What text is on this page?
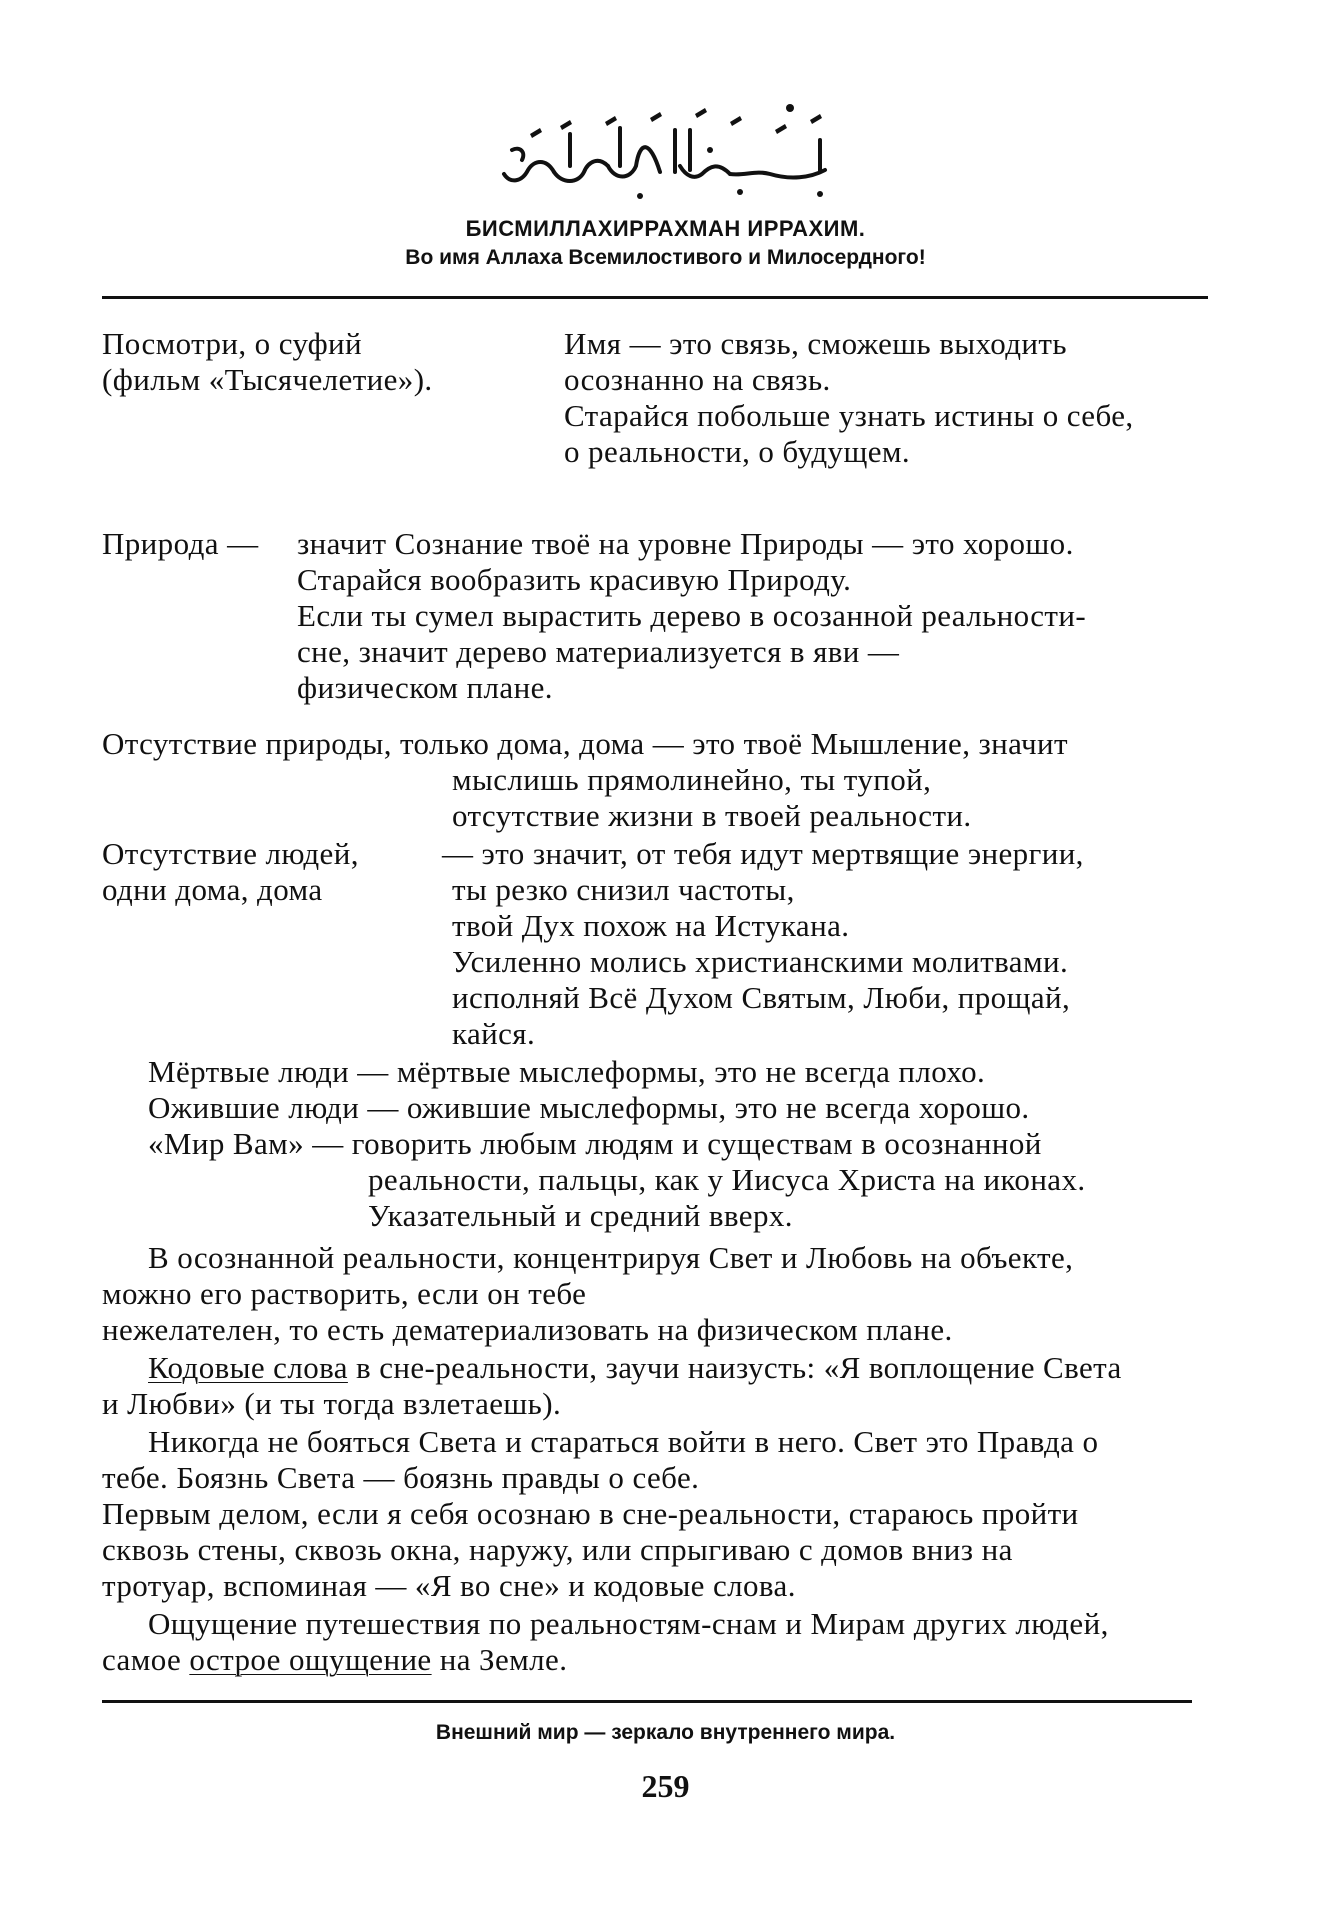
БИСМИЛЛАХИРРАХМАН ИРРАХИМ.
Во имя Аллаха Всемилостивого и Милосердного!
Посмотри, о суфий
(фильм «Тысячелетие»).
Имя — это связь, сможешь выходить
осознанно на связь.
Старайся побольше узнать истины о себе,
о реальности, о будущем.
Природа — значит Сознание твоё на уровне Природы — это хорошо.
Старайся вообразить красивую Природу.
Если ты сумел вырастить дерево в осозанной реальности-
сне, значит дерево материализуется в яви —
физическом плане.
Отсутствие природы, только дома, дома — это твоё Мышление, значит
мыслишь прямолинейно, ты тупой,
отсутствие жизни в твоей реальности.
Отсутствие людей,
одни дома, дома
— это значит, от тебя идут мертвящие энергии,
ты резко снизил частоты,
твой Дух похож на Истукана.
Усиленно молись христианскими молитвами.
исполняй Всё Духом Святым, Люби, прощай,
кайся.
Мёртвые люди — мёртвые мыслеформы, это не всегда плохо.
Ожившие люди — ожившие мыслеформы, это не всегда хорошо.
«Мир Вам» — говорить любым людям и существам в осознанной
реальности, пальцы, как у Иисуса Христа на иконах.
Указательный и средний вверх.
В осознанной реальности, концентрируя Свет и Любовь на объекте,
можно его растворить, если он тебе
нежелателен, то есть дематериализовать на физическом плане.
Кодовые слова в сне-реальности, заучи наизусть: «Я воплощение Света
и Любви» (и ты тогда взлетаешь).
Никогда не бояться Света и стараться войти в него. Свет это Правда о
тебе. Боязнь Света — боязнь правды о себе.
Первым делом, если я себя осознаю в сне-реальности, стараюсь пройти
сквозь стены, сквозь окна, наружу, или спрыгиваю с домов вниз на
тротуар, вспоминая — «Я во сне» и кодовые слова.
Ощущение путешествия по реальностям-снам и Мирам других людей,
самое острое ощущение на Земле.
Внешний мир — зеркало внутреннего мира.
259
